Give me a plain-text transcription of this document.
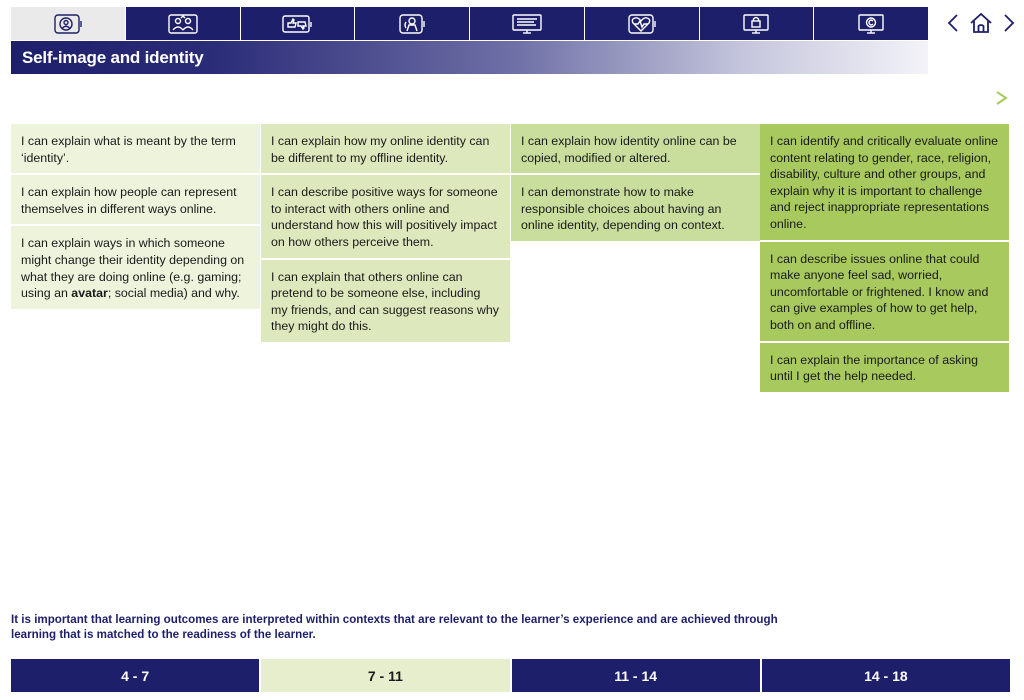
Self-image and identity
I can explain what is meant by the term ‘identity’.
I can explain how people can represent themselves in different ways online.
I can explain ways in which someone might change their identity depending on what they are doing online (e.g. gaming; using an avatar; social media) and why.
I can explain how my online identity can be different to my offline identity.
I can describe positive ways for someone to interact with others online and understand how this will positively impact on how others perceive them.
I can explain that others online can pretend to be someone else, including my friends, and can suggest reasons why they might do this.
I can explain how identity online can be copied, modified or altered.
I can demonstrate how to make responsible choices about having an online identity, depending on context.
I can identify and critically evaluate online content relating to gender, race, religion, disability, culture and other groups, and explain why it is important to challenge and reject inappropriate representations online.
I can describe issues online that could make anyone feel sad, worried, uncomfortable or frightened. I know and can give examples of how to get help, both on and offline.
I can explain the importance of asking until I get the help needed.

It is important that learning outcomes are interpreted within contexts that are relevant to the learner’s experience and are achieved through learning that is matched to the readiness of the learner.

4 - 7	7 - 11	11 - 14	14 - 18
